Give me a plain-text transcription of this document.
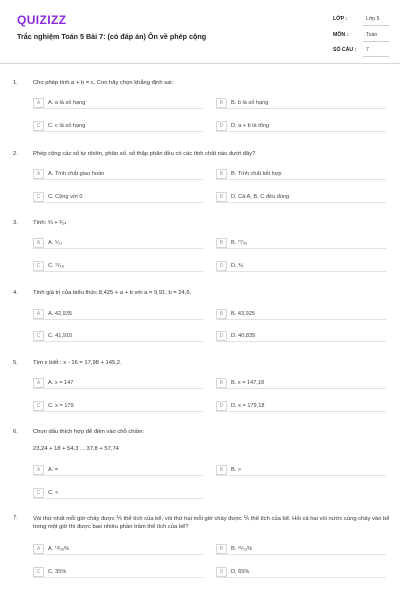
QUIZIZZ
Trắc nghiệm Toán 5 Bài 7: (có đáp án) Ôn về phép cộng
LỚP :	Lớp 5
MÔN :	Toán
SỐ CÂU : 7
1.	Cho phép tính a + b = c. Con hãy chọn khẳng định sai:
A	A. a là số hạng	B	B. b là số hạng
C	C. c là số hạng	D	D. a + b là tổng
2.	Phép cộng các số tự nhiên, phân số, số thập phân đều có các tính chất nào dưới đây?
A	A. Tính chất giao hoán	B	B. Tính chất kết hợp
C	C. Cộng với 0	D	D. Cả A, B, C đều đúng
3.	Tính: ⅔ + ³⁄₁₄
A	A. ⁵⁄₂₁	B	B. ⁷⁷⁄₄₂
C	C. ¹¹⁄₁₆	D	D. ⅙
4.	Tính giá trị của biểu thức 8,425 + a + b với a = 9,91; b = 24,6.
A	A. 42,935	B	B. 43,925
C	C. 41,915	D	D. 40,835
5.	Tìm x biết : x - 16 = 17,98 + 145,2.
A	A. x = 147	B	B. x = 147,18
C	C. x = 179	D	D. x = 179,18
6.	Chọn dấu thích hợp để điền vào chỗ chấm:
23,24 + 18 + 54,3 ... 37,8 + 57,74
A	A. =	B	B. >
C	C. <
7.	Vòi thứ nhất mỗi giờ chảy được ⅖ thể tích của bể, vòi thứ hai mỗi giờ chảy được ⅕ thể tích của bể. Hỏi cả hai vòi nước cùng chảy vào bể trong một giờ thì được bao nhiêu phần trăm thể tích của bể?
A	A. ¹³⁄₃₅%	B	B. ³⁵⁄₁₅%
C	C. 35%	D	D. 65%
